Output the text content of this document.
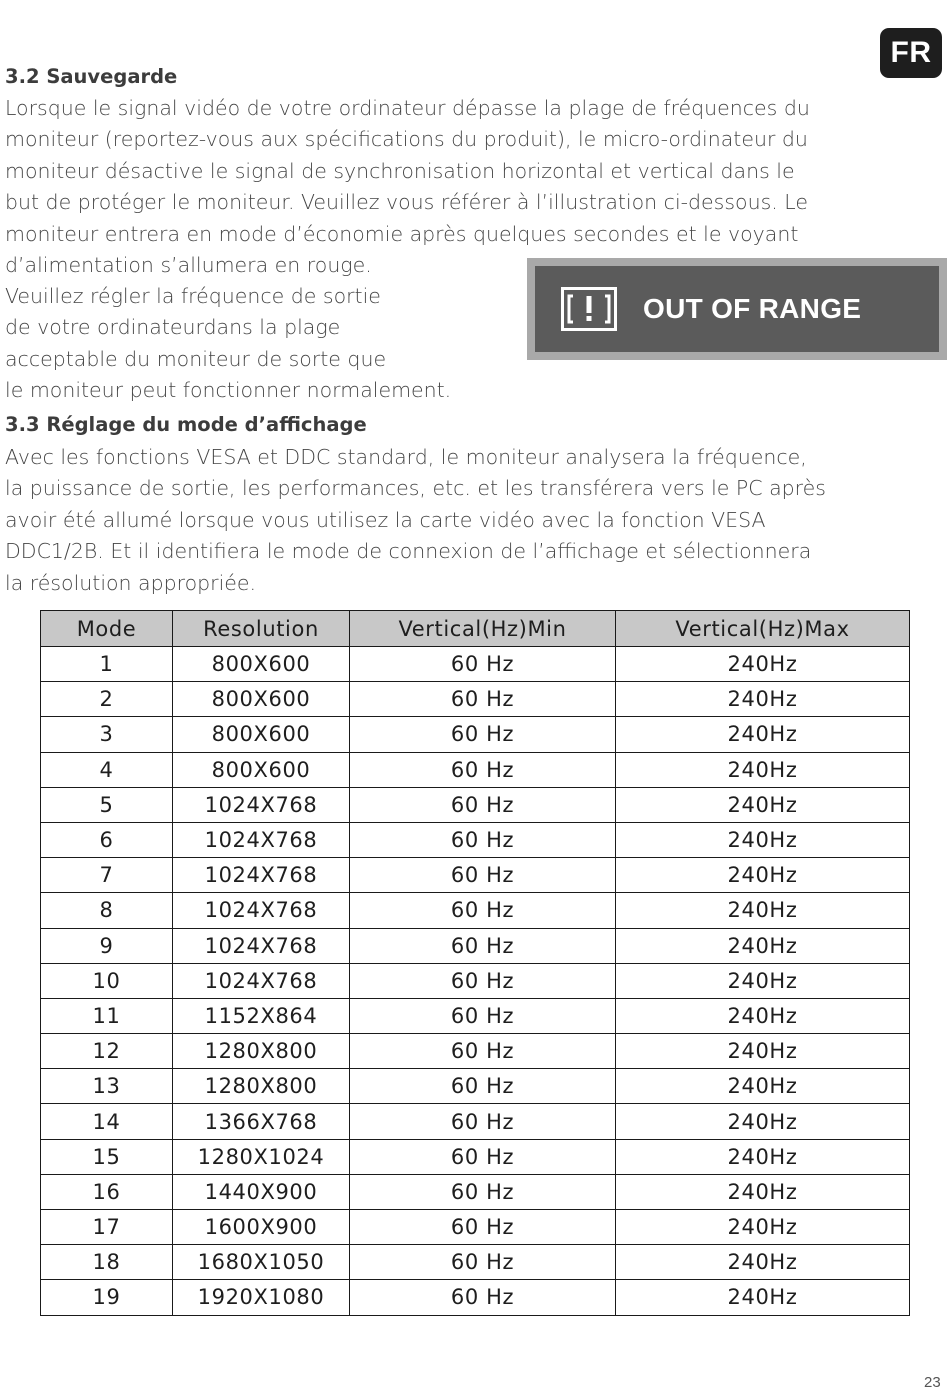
FR
3.2 Sauvegarde

Lorsque le signal vidéo de votre ordinateur dépasse la plage de fréquences du
moniteur (reportez-vous aux spécifications du produit), le micro-ordinateur du
moniteur désactive le signal de synchronisation horizontal et vertical dans le
but de protéger le moniteur. Veuillez vous référer à l’illustration ci-dessous. Le
moniteur entrera en mode d’économie après quelques secondes et le voyant
d’alimentation s’allumera en rouge.

Veuillez régler la fréquence de sortie
de votre ordinateurdans la plage
acceptable du moniteur de sorte que
le moniteur peut fonctionner normalement.

OUT OF RANGE
3.3 Réglage du mode d’affichage

Avec les fonctions VESA et DDC standard, le moniteur analysera la fréquence,
la puissance de sortie, les performances, etc. et les transférera vers le PC après
avoir été allumé lorsque vous utilisez la carte vidéo avec la fonction VESA
DDC1/2B. Et il identifiera le mode de connexion de l’affichage et sélectionnera
la résolution appropriée.

Mode	Resolution	Vertical(Hz)Min	Vertical(Hz)Max
1	800X600	60 Hz	240Hz
2	800X600	60 Hz	240Hz
3	800X600	60 Hz	240Hz
4	800X600	60 Hz	240Hz
5	1024X768	60 Hz	240Hz
6	1024X768	60 Hz	240Hz
7	1024X768	60 Hz	240Hz
8	1024X768	60 Hz	240Hz
9	1024X768	60 Hz	240Hz
10	1024X768	60 Hz	240Hz
11	1152X864	60 Hz	240Hz
12	1280X800	60 Hz	240Hz
13	1280X800	60 Hz	240Hz
14	1366X768	60 Hz	240Hz
15	1280X1024	60 Hz	240Hz
16	1440X900	60 Hz	240Hz
17	1600X900	60 Hz	240Hz
18	1680X1050	60 Hz	240Hz
19	1920X1080	60 Hz	240Hz
23
